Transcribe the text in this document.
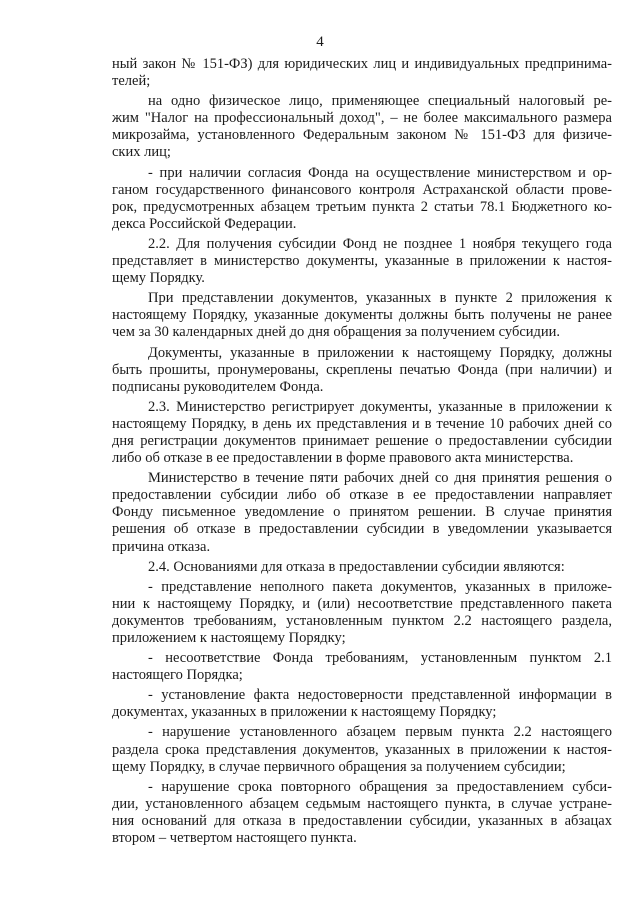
4
ный закон № 151-ФЗ) для юридических лиц и индивидуальных предпринима-
телей;
на одно физическое лицо, применяющее специальный налоговый ре-
жим "Налог на профессиональный доход", – не более максимального размера
микрозайма, установленного Федеральным законом № 151-ФЗ для физиче-
ских лиц;
- при наличии согласия Фонда на осуществление министерством и ор-
ганом государственного финансового контроля Астраханской области прове-
рок, предусмотренных абзацем третьим пункта 2 статьи 78.1 Бюджетного ко-
декса Российской Федерации.
2.2. Для получения субсидии Фонд не позднее 1 ноября текущего года
представляет в министерство документы, указанные в приложении к настоя-
щему Порядку.
При представлении документов, указанных в пункте 2 приложения к
настоящему Порядку, указанные документы должны быть получены не ранее
чем за 30 календарных дней до дня обращения за получением субсидии.
Документы, указанные в приложении к настоящему Порядку, должны
быть прошиты, пронумерованы, скреплены печатью Фонда (при наличии) и
подписаны руководителем Фонда.
2.3. Министерство регистрирует документы, указанные в приложении к
настоящему Порядку, в день их представления и в течение 10 рабочих дней со
дня регистрации документов принимает решение о предоставлении субсидии
либо об отказе в ее предоставлении в форме правового акта министерства.
Министерство в течение пяти рабочих дней со дня принятия решения о
предоставлении субсидии либо об отказе в ее предоставлении направляет
Фонду письменное уведомление о принятом решении. В случае принятия
решения об отказе в предоставлении субсидии в уведомлении указывается
причина отказа.
2.4. Основаниями для отказа в предоставлении субсидии являются:
- представление неполного пакета документов, указанных в приложе-
нии к настоящему Порядку, и (или) несоответствие представленного пакета
документов требованиям, установленным пунктом 2.2 настоящего раздела,
приложением к настоящему Порядку;
- несоответствие Фонда требованиям, установленным пунктом 2.1
настоящего Порядка;
- установление факта недостоверности представленной информации в
документах, указанных в приложении к настоящему Порядку;
- нарушение установленного абзацем первым пункта 2.2 настоящего
раздела срока представления документов, указанных в приложении к настоя-
щему Порядку, в случае первичного обращения за получением субсидии;
- нарушение срока повторного обращения за предоставлением субси-
дии, установленного абзацем седьмым настоящего пункта, в случае устране-
ния оснований для отказа в предоставлении субсидии, указанных в абзацах
втором – четвертом настоящего пункта.
